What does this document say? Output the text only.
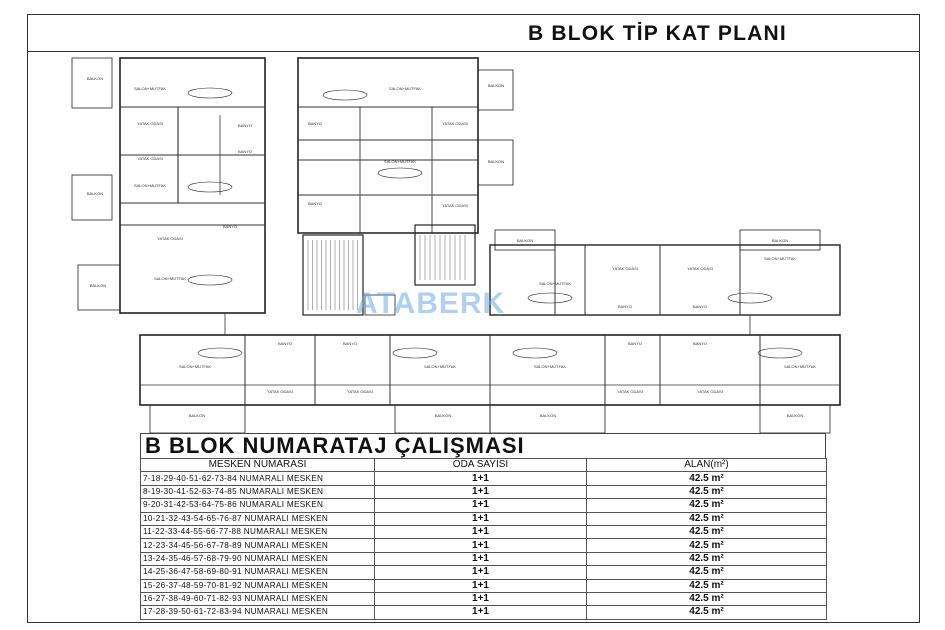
B BLOK TİP KAT PLANI
BALKON
BALKON
BALKON
SALON+MUTFAK
YATAK ODASI
YATAK ODASI
SALON+MUTFAK
YATAK ODASI
SALON+MUTFAK
BANYO
BANYO
BANYO
BALKON
BALKON
SALON+MUTFAK
YATAK ODASI
SALON+MUTFAK
YATAK ODASI
BANYO
BANYO
BALKON	BALKON
SALON+MUTFAK
YATAK ODASI	YATAK ODASI
SALON+MUTFAK
BANYO	BANYO
BALKON	BALKON	BALKON	BALKON
SALON+MUTFAK
YATAK ODASI	YATAK ODASI
SALON+MUTFAK	SALON+MUTFAK
YATAK ODASI	YATAK ODASI
SALON+MUTFAK
BANYO	BANYO	BANYO	BANYO
ATABERK
B BLOK NUMARATAJ ÇALIŞMASI
MESKEN NUMARASI	ODA SAYISI	ALAN(m²)
7-18-29-40-51-62-73-84 NUMARALI MESKEN	1+1	42.5 m²
8-19-30-41-52-63-74-85 NUMARALI MESKEN	1+1	42.5 m²
9-20-31-42-53-64-75-86 NUMARALI MESKEN	1+1	42.5 m²
10-21-32-43-54-65-76-87 NUMARALI MESKEN	1+1	42.5 m²
11-22-33-44-55-66-77-88 NUMARALI MESKEN	1+1	42.5 m²
12-23-34-45-56-67-78-89 NUMARALI MESKEN	1+1	42.5 m²
13-24-35-46-57-68-79-90 NUMARALI MESKEN	1+1	42.5 m²
14-25-36-47-58-69-80-91 NUMARALI MESKEN	1+1	42.5 m²
15-26-37-48-59-70-81-92 NUMARALI MESKEN	1+1	42.5 m²
16-27-38-49-60-71-82-93 NUMARALI MESKEN	1+1	42.5 m²
17-28-39-50-61-72-83-94 NUMARALI MESKEN	1+1	42.5 m²
